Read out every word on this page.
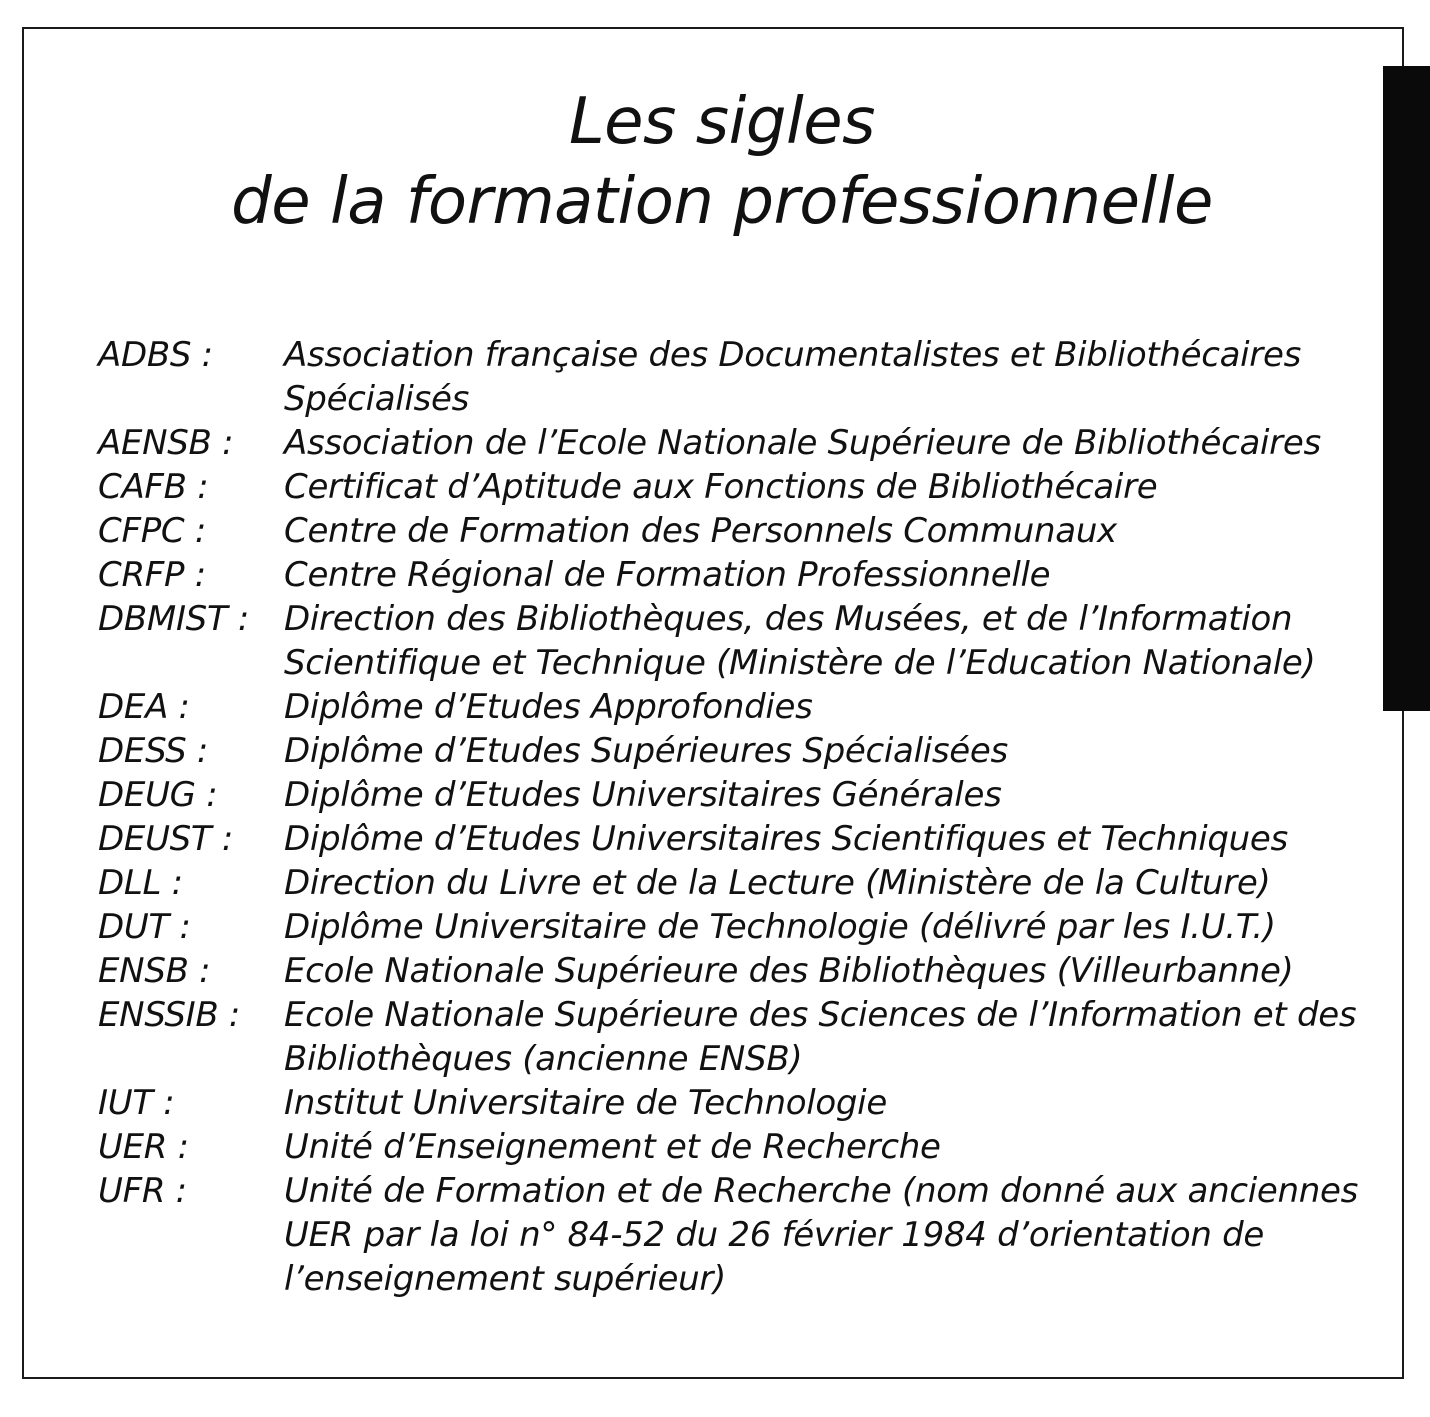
Les sigles
de la formation professionnelle
ADBS :	Association française des Documentalistes et Bibliothécaires
Spécialisés
AENSB :	Association de l’Ecole Nationale Supérieure de Bibliothécaires
CAFB :	Certificat d’Aptitude aux Fonctions de Bibliothécaire
CFPC :	Centre de Formation des Personnels Communaux
CRFP :	Centre Régional de Formation Professionnelle
DBMIST :	Direction des Bibliothèques, des Musées, et de l’Information
Scientifique et Technique (Ministère de l’Education Nationale)
DEA :	Diplôme d’Etudes Approfondies
DESS :	Diplôme d’Etudes Supérieures Spécialisées
DEUG :	Diplôme d’Etudes Universitaires Générales
DEUST :	Diplôme d’Etudes Universitaires Scientifiques et Techniques
DLL :	Direction du Livre et de la Lecture (Ministère de la Culture)
DUT :	Diplôme Universitaire de Technologie (délivré par les I.U.T.)
ENSB :	Ecole Nationale Supérieure des Bibliothèques (Villeurbanne)
ENSSIB :	Ecole Nationale Supérieure des Sciences de l’Information et des
Bibliothèques (ancienne ENSB)
IUT :	Institut Universitaire de Technologie
UER :	Unité d’Enseignement et de Recherche
UFR :	Unité de Formation et de Recherche (nom donné aux anciennes
UER par la loi n° 84-52 du 26 février 1984 d’orientation de
l’enseignement supérieur)
